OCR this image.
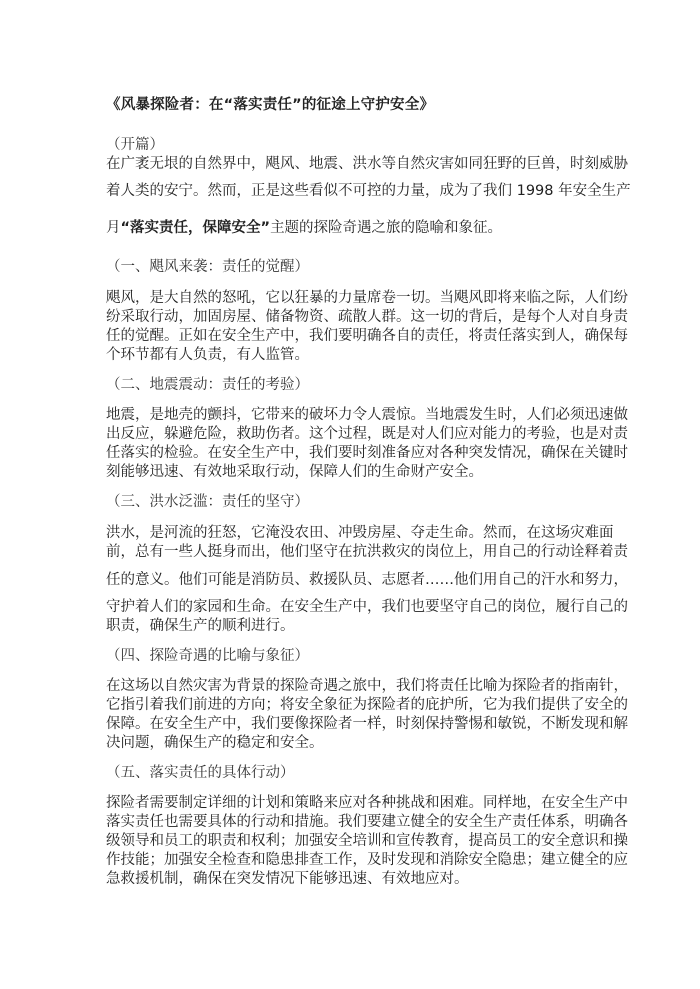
《风暴探险者：在“落实责任”的征途上守护安全》
（开篇）
在广袤无垠的自然界中，飓风、地震、洪水等自然灾害如同狂野的巨兽，时刻威胁
着人类的安宁。然而，正是这些看似不可控的力量，成为了我们 1998 年安全生产
月“落实责任，保障安全”主题的探险奇遇之旅的隐喻和象征。
（一、飓风来袭：责任的觉醒）
飓风，是大自然的怒吼，它以狂暴的力量席卷一切。当飓风即将来临之际，人们纷
纷采取行动，加固房屋、储备物资、疏散人群。这一切的背后，是每个人对自身责
任的觉醒。正如在安全生产中，我们要明确各自的责任，将责任落实到人，确保每
个环节都有人负责，有人监管。
（二、地震震动：责任的考验）
地震，是地壳的颤抖，它带来的破坏力令人震惊。当地震发生时，人们必须迅速做
出反应，躲避危险，救助伤者。这个过程，既是对人们应对能力的考验，也是对责
任落实的检验。在安全生产中，我们要时刻准备应对各种突发情况，确保在关键时
刻能够迅速、有效地采取行动，保障人们的生命财产安全。
（三、洪水泛滥：责任的坚守）
洪水，是河流的狂怒，它淹没农田、冲毁房屋、夺走生命。然而，在这场灾难面
前，总有一些人挺身而出，他们坚守在抗洪救灾的岗位上，用自己的行动诠释着责
任的意义。他们可能是消防员、救援队员、志愿者……他们用自己的汗水和努力，
守护着人们的家园和生命。在安全生产中，我们也要坚守自己的岗位，履行自己的
职责，确保生产的顺利进行。
（四、探险奇遇的比喻与象征）
在这场以自然灾害为背景的探险奇遇之旅中，我们将责任比喻为探险者的指南针，
它指引着我们前进的方向；将安全象征为探险者的庇护所，它为我们提供了安全的
保障。在安全生产中，我们要像探险者一样，时刻保持警惕和敏锐，不断发现和解
决问题，确保生产的稳定和安全。
（五、落实责任的具体行动）
探险者需要制定详细的计划和策略来应对各种挑战和困难。同样地，在安全生产中
落实责任也需要具体的行动和措施。我们要建立健全的安全生产责任体系，明确各
级领导和员工的职责和权利；加强安全培训和宣传教育，提高员工的安全意识和操
作技能；加强安全检查和隐患排查工作，及时发现和消除安全隐患；建立健全的应
急救援机制，确保在突发情况下能够迅速、有效地应对。
